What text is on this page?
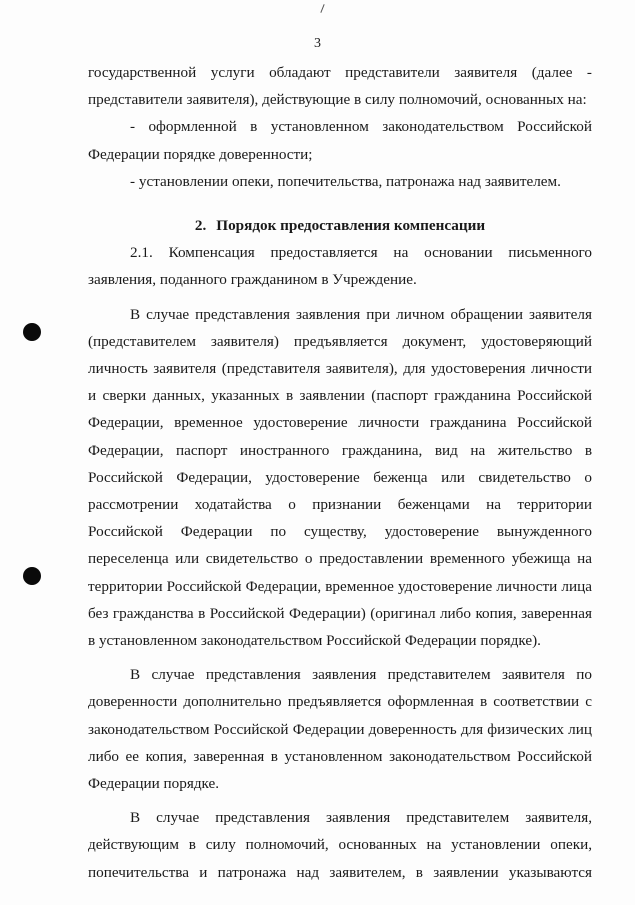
3

государственной услуги обладают представители заявителя (далее - представители заявителя), действующие в силу полномочий, основанных на:

- оформленной в установленном законодательством Российской Федерации порядке доверенности;

- установлении опеки, попечительства, патронажа над заявителем.

2. Порядок предоставления компенсации

2.1. Компенсация предоставляется на основании письменного заявления, поданного гражданином в Учреждение.

В случае представления заявления при личном обращении заявителя (представителем заявителя) предъявляется документ, удостоверяющий личность заявителя (представителя заявителя), для удостоверения личности и сверки данных, указанных в заявлении (паспорт гражданина Российской Федерации, временное удостоверение личности гражданина Российской Федерации, паспорт иностранного гражданина, вид на жительство в Российской Федерации, удостоверение беженца или свидетельство о рассмотрении ходатайства о признании беженцами на территории Российской Федерации по существу, удостоверение вынужденного переселенца или свидетельство о предоставлении временного убежища на территории Российской Федерации, временное удостоверение личности лица без гражданства в Российской Федерации) (оригинал либо копия, заверенная в установленном законодательством Российской Федерации порядке).

В случае представления заявления представителем заявителя по доверенности дополнительно предъявляется оформленная в соответствии с законодательством Российской Федерации доверенность для физических лиц либо ее копия, заверенная в установленном законодательством Российской Федерации порядке.

В случае представления заявления представителем заявителя, действующим в силу полномочий, основанных на установлении опеки, попечительства и патронажа над заявителем, в заявлении указываются
